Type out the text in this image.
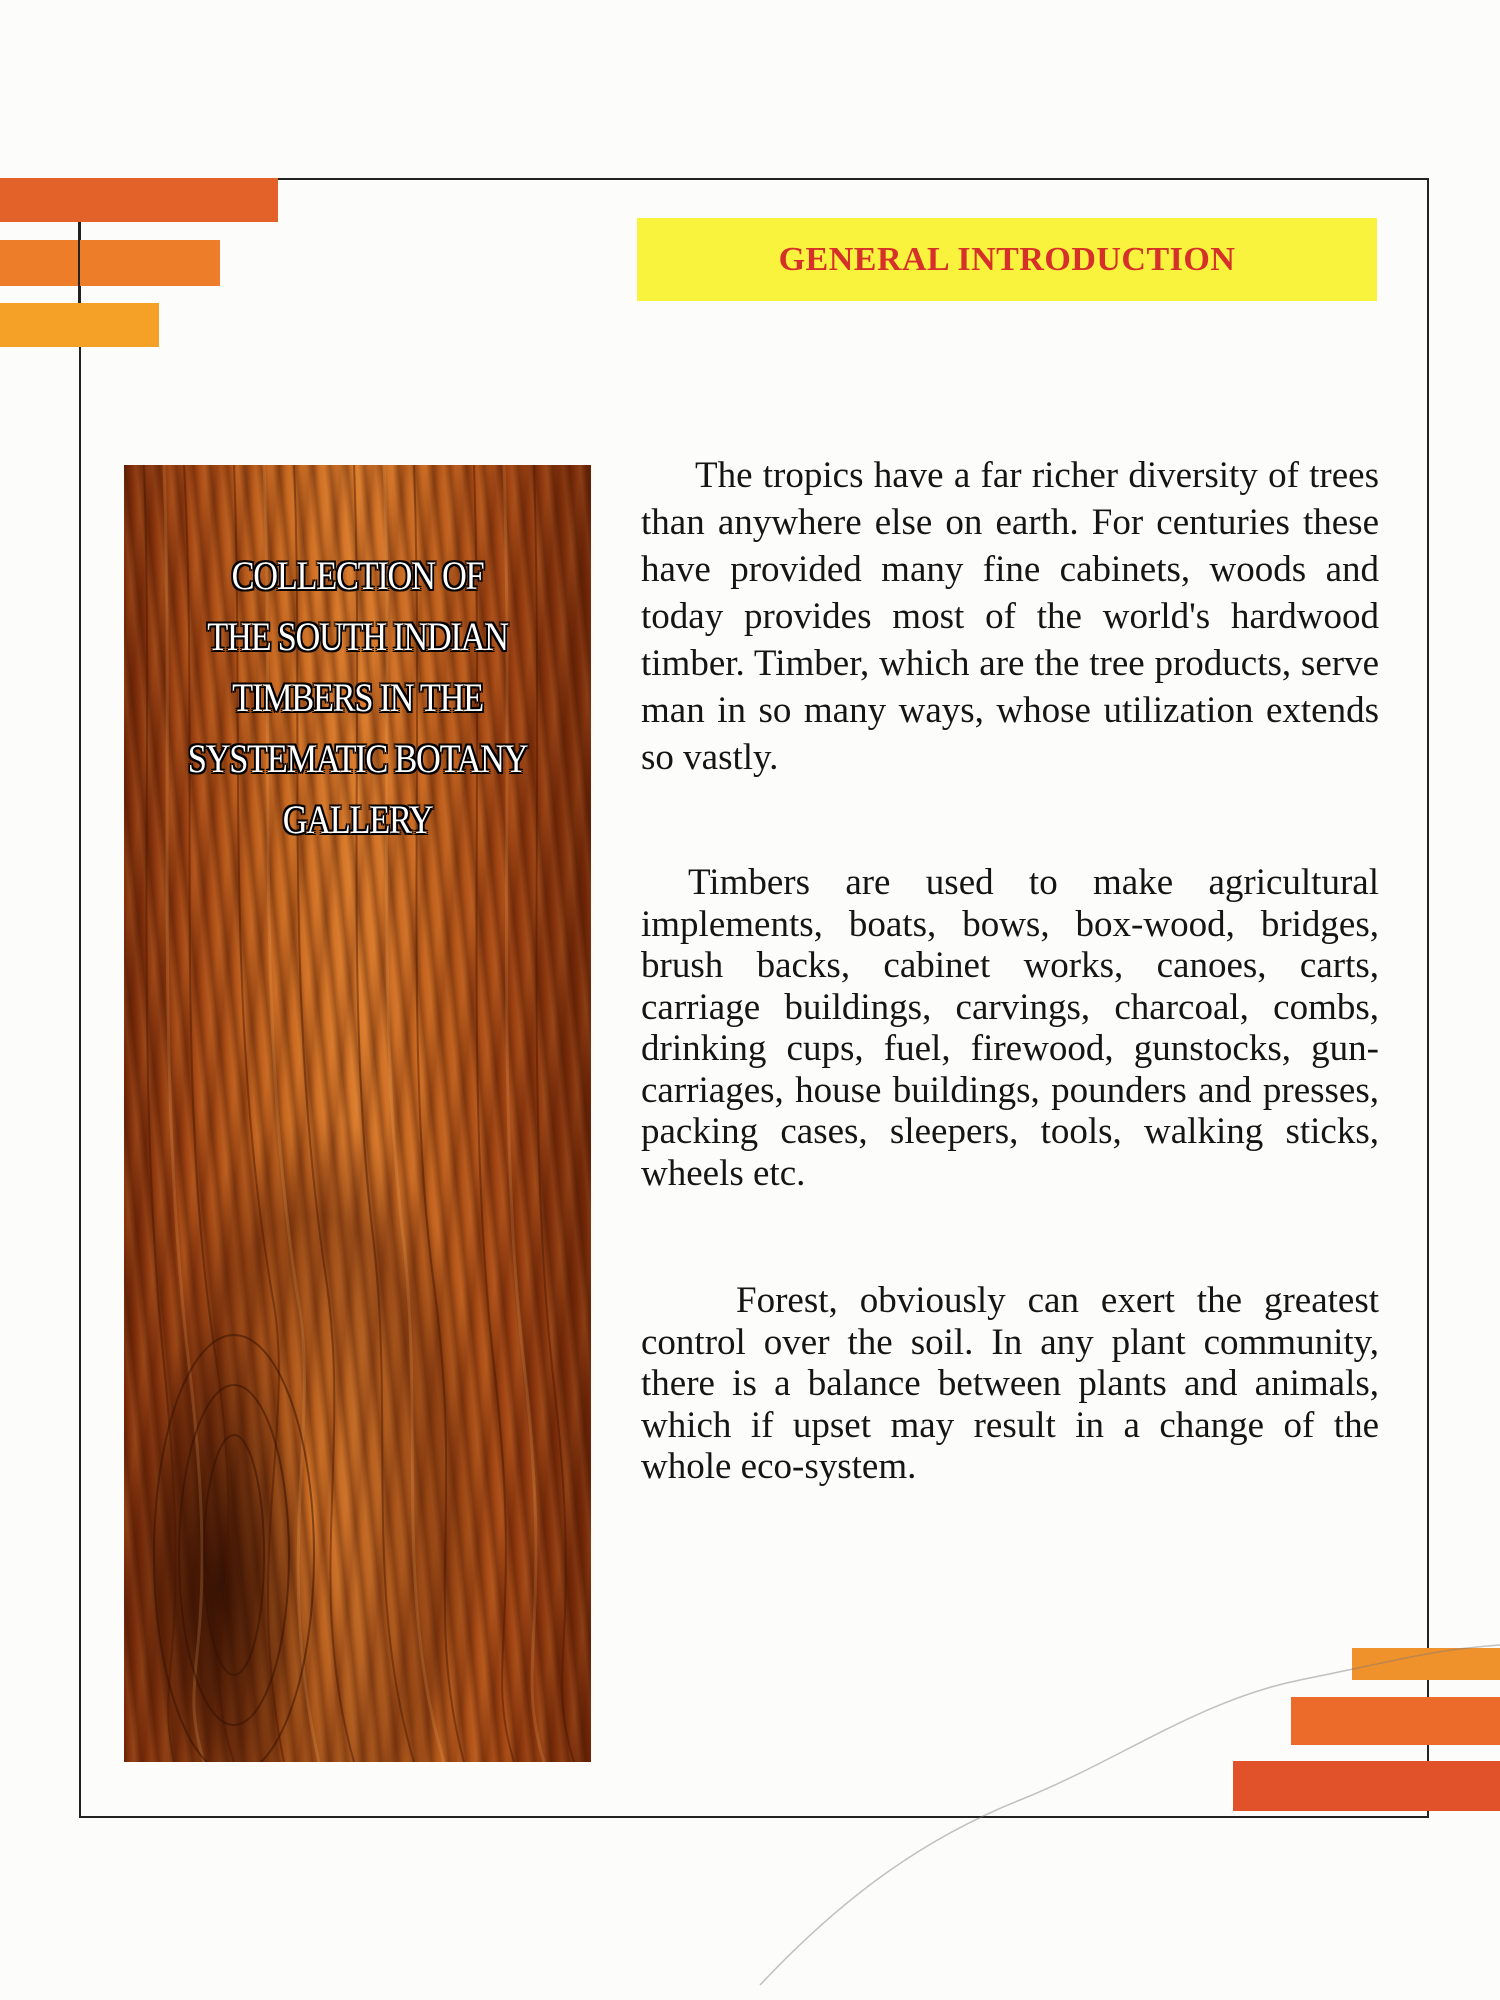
GENERAL INTRODUCTION
COLLECTION OF
THE SOUTH INDIAN
TIMBERS IN THE
SYSTEMATIC BOTANY
GALLERY

The tropics have a far richer diversity of trees than anywhere else on earth. For centuries these have provided many fine cabinets, woods and today provides most of the world's hardwood timber. Timber, which are the tree products, serve man in so many ways, whose utilization extends so vastly.

Timbers are used to make agricultural implements, boats, bows, box-wood, bridges, brush backs, cabinet works, canoes, carts, carriage buildings, carvings, charcoal, combs, drinking cups, fuel, firewood, gunstocks, gun-carriages, house buildings, pounders and presses, packing cases, sleepers, tools, walking sticks, wheels etc.

Forest, obviously can exert the greatest control over the soil. In any plant community, there is a balance between plants and animals, which if upset may result in a change of the whole eco-system.
